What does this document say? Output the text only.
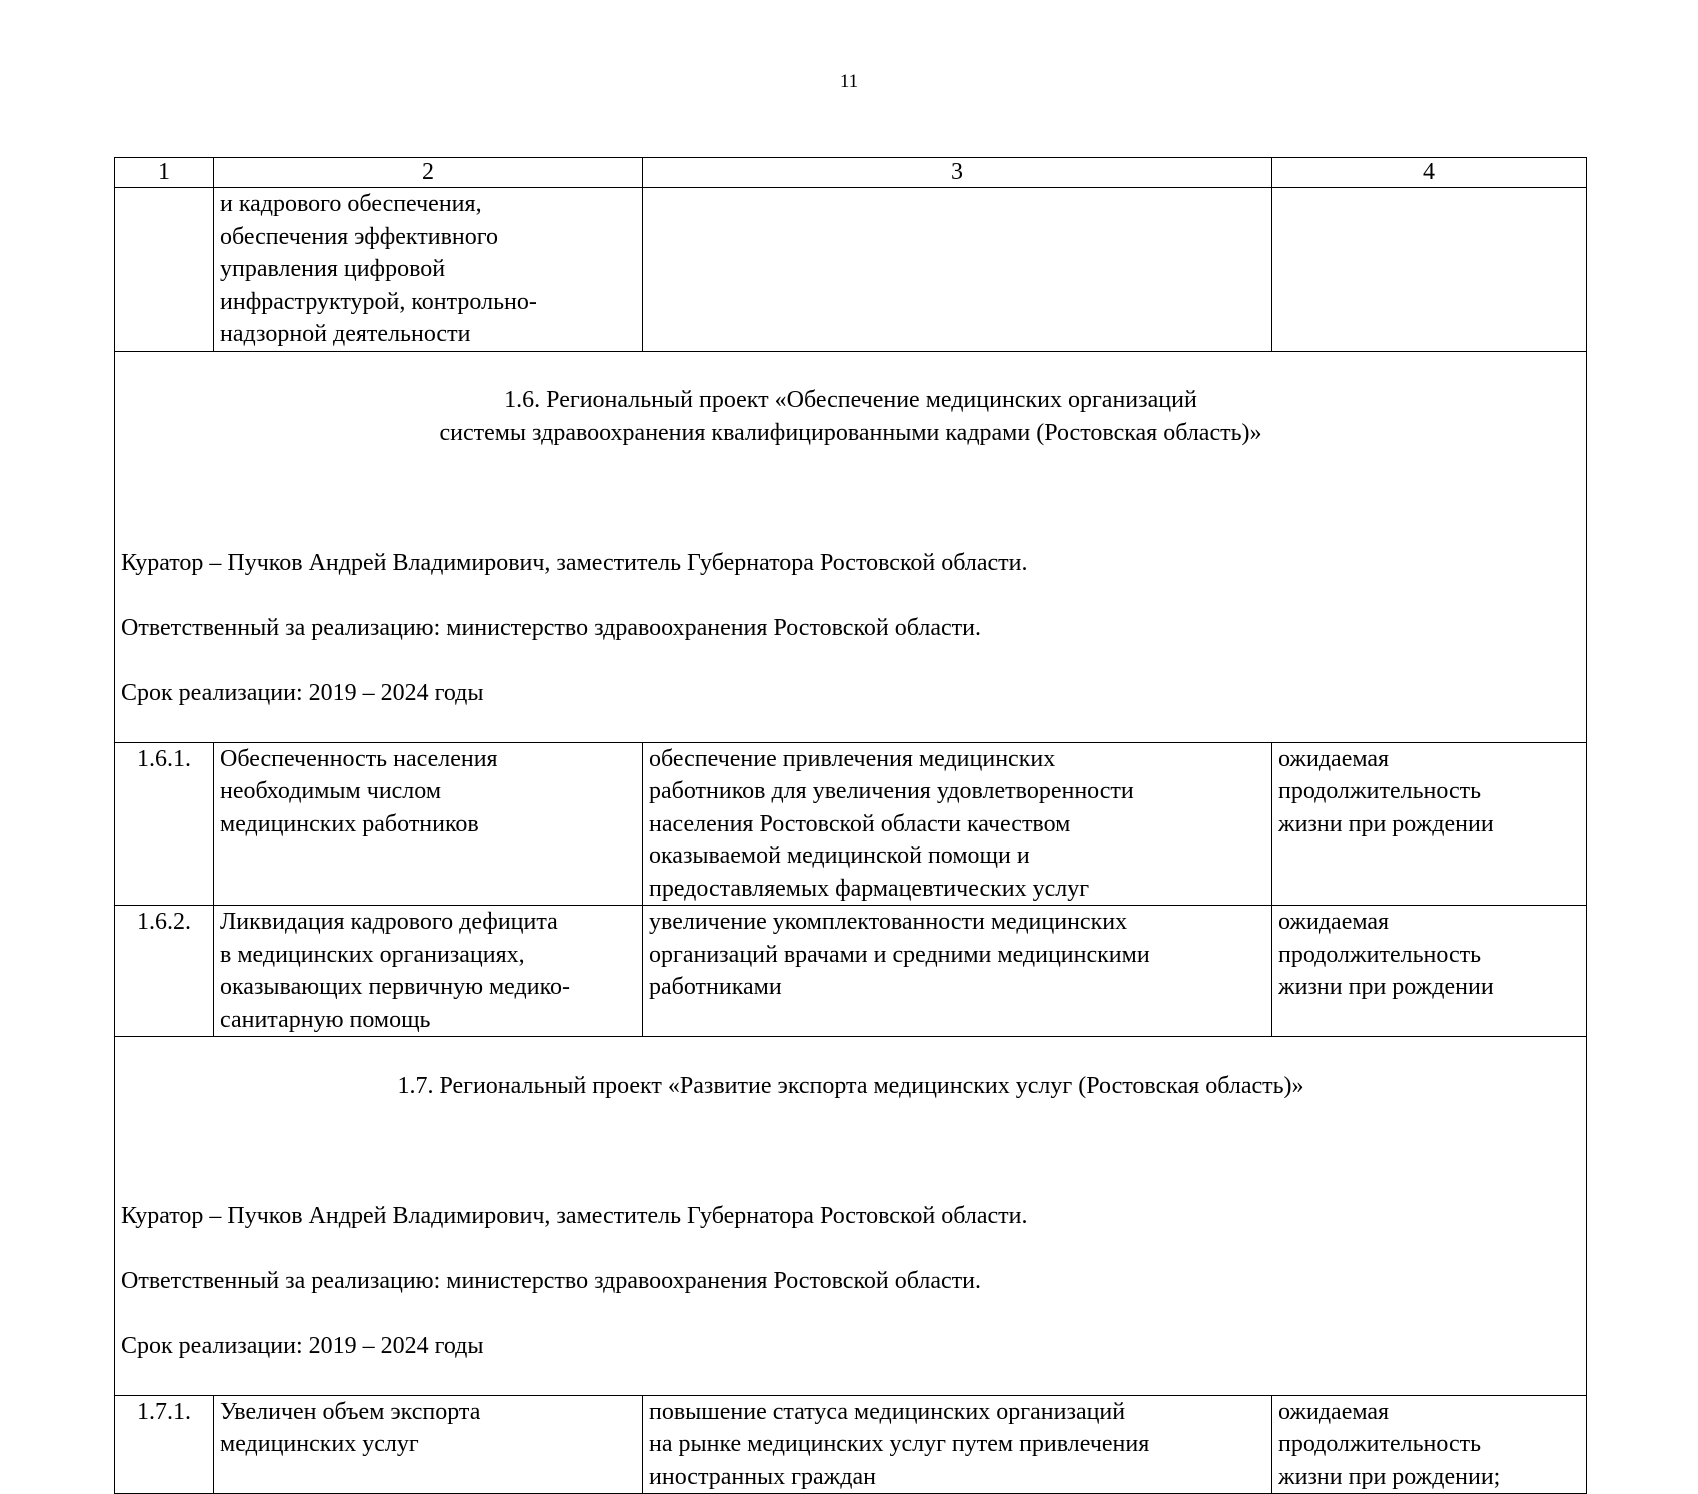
11
1	2	3	4
	и кадрового обеспечения,
обеспечения эффективного
управления цифровой
инфраструктурой, контрольно-
надзорной деятельности		

1.6. Региональный проект «Обеспечение медицинских организаций
системы здравоохранения квалифицированными кадрами (Ростовская область)»

Куратор – Пучков Андрей Владимирович, заместитель Губернатора Ростовской области.

Ответственный за реализацию: министерство здравоохранения Ростовской области.

Срок реализации: 2019 – 2024 годы			

1.6.1.	Обеспеченность населения
необходимым числом
медицинских работников	обеспечение привлечения медицинских
работников для увеличения удовлетворенности
населения Ростовской области качеством
оказываемой медицинской помощи и
предоставляемых фармацевтических услуг	ожидаемая
продолжительность
жизни при рождении
1.6.2.	Ликвидация кадрового дефицита
в медицинских организациях,
оказывающих первичную медико-
санитарную помощь	увеличение укомплектованности медицинских
организаций врачами и средними медицинскими
работниками	ожидаемая
продолжительность
жизни при рождении

1.7. Региональный проект «Развитие экспорта медицинских услуг (Ростовская область)»

Куратор – Пучков Андрей Владимирович, заместитель Губернатора Ростовской области.

Ответственный за реализацию: министерство здравоохранения Ростовской области.

Срок реализации: 2019 – 2024 годы			

1.7.1.	Увеличен объем экспорта
медицинских услуг	повышение статуса медицинских организаций
на рынке медицинских услуг путем привлечения
иностранных граждан	ожидаемая
продолжительность
жизни при рождении;
